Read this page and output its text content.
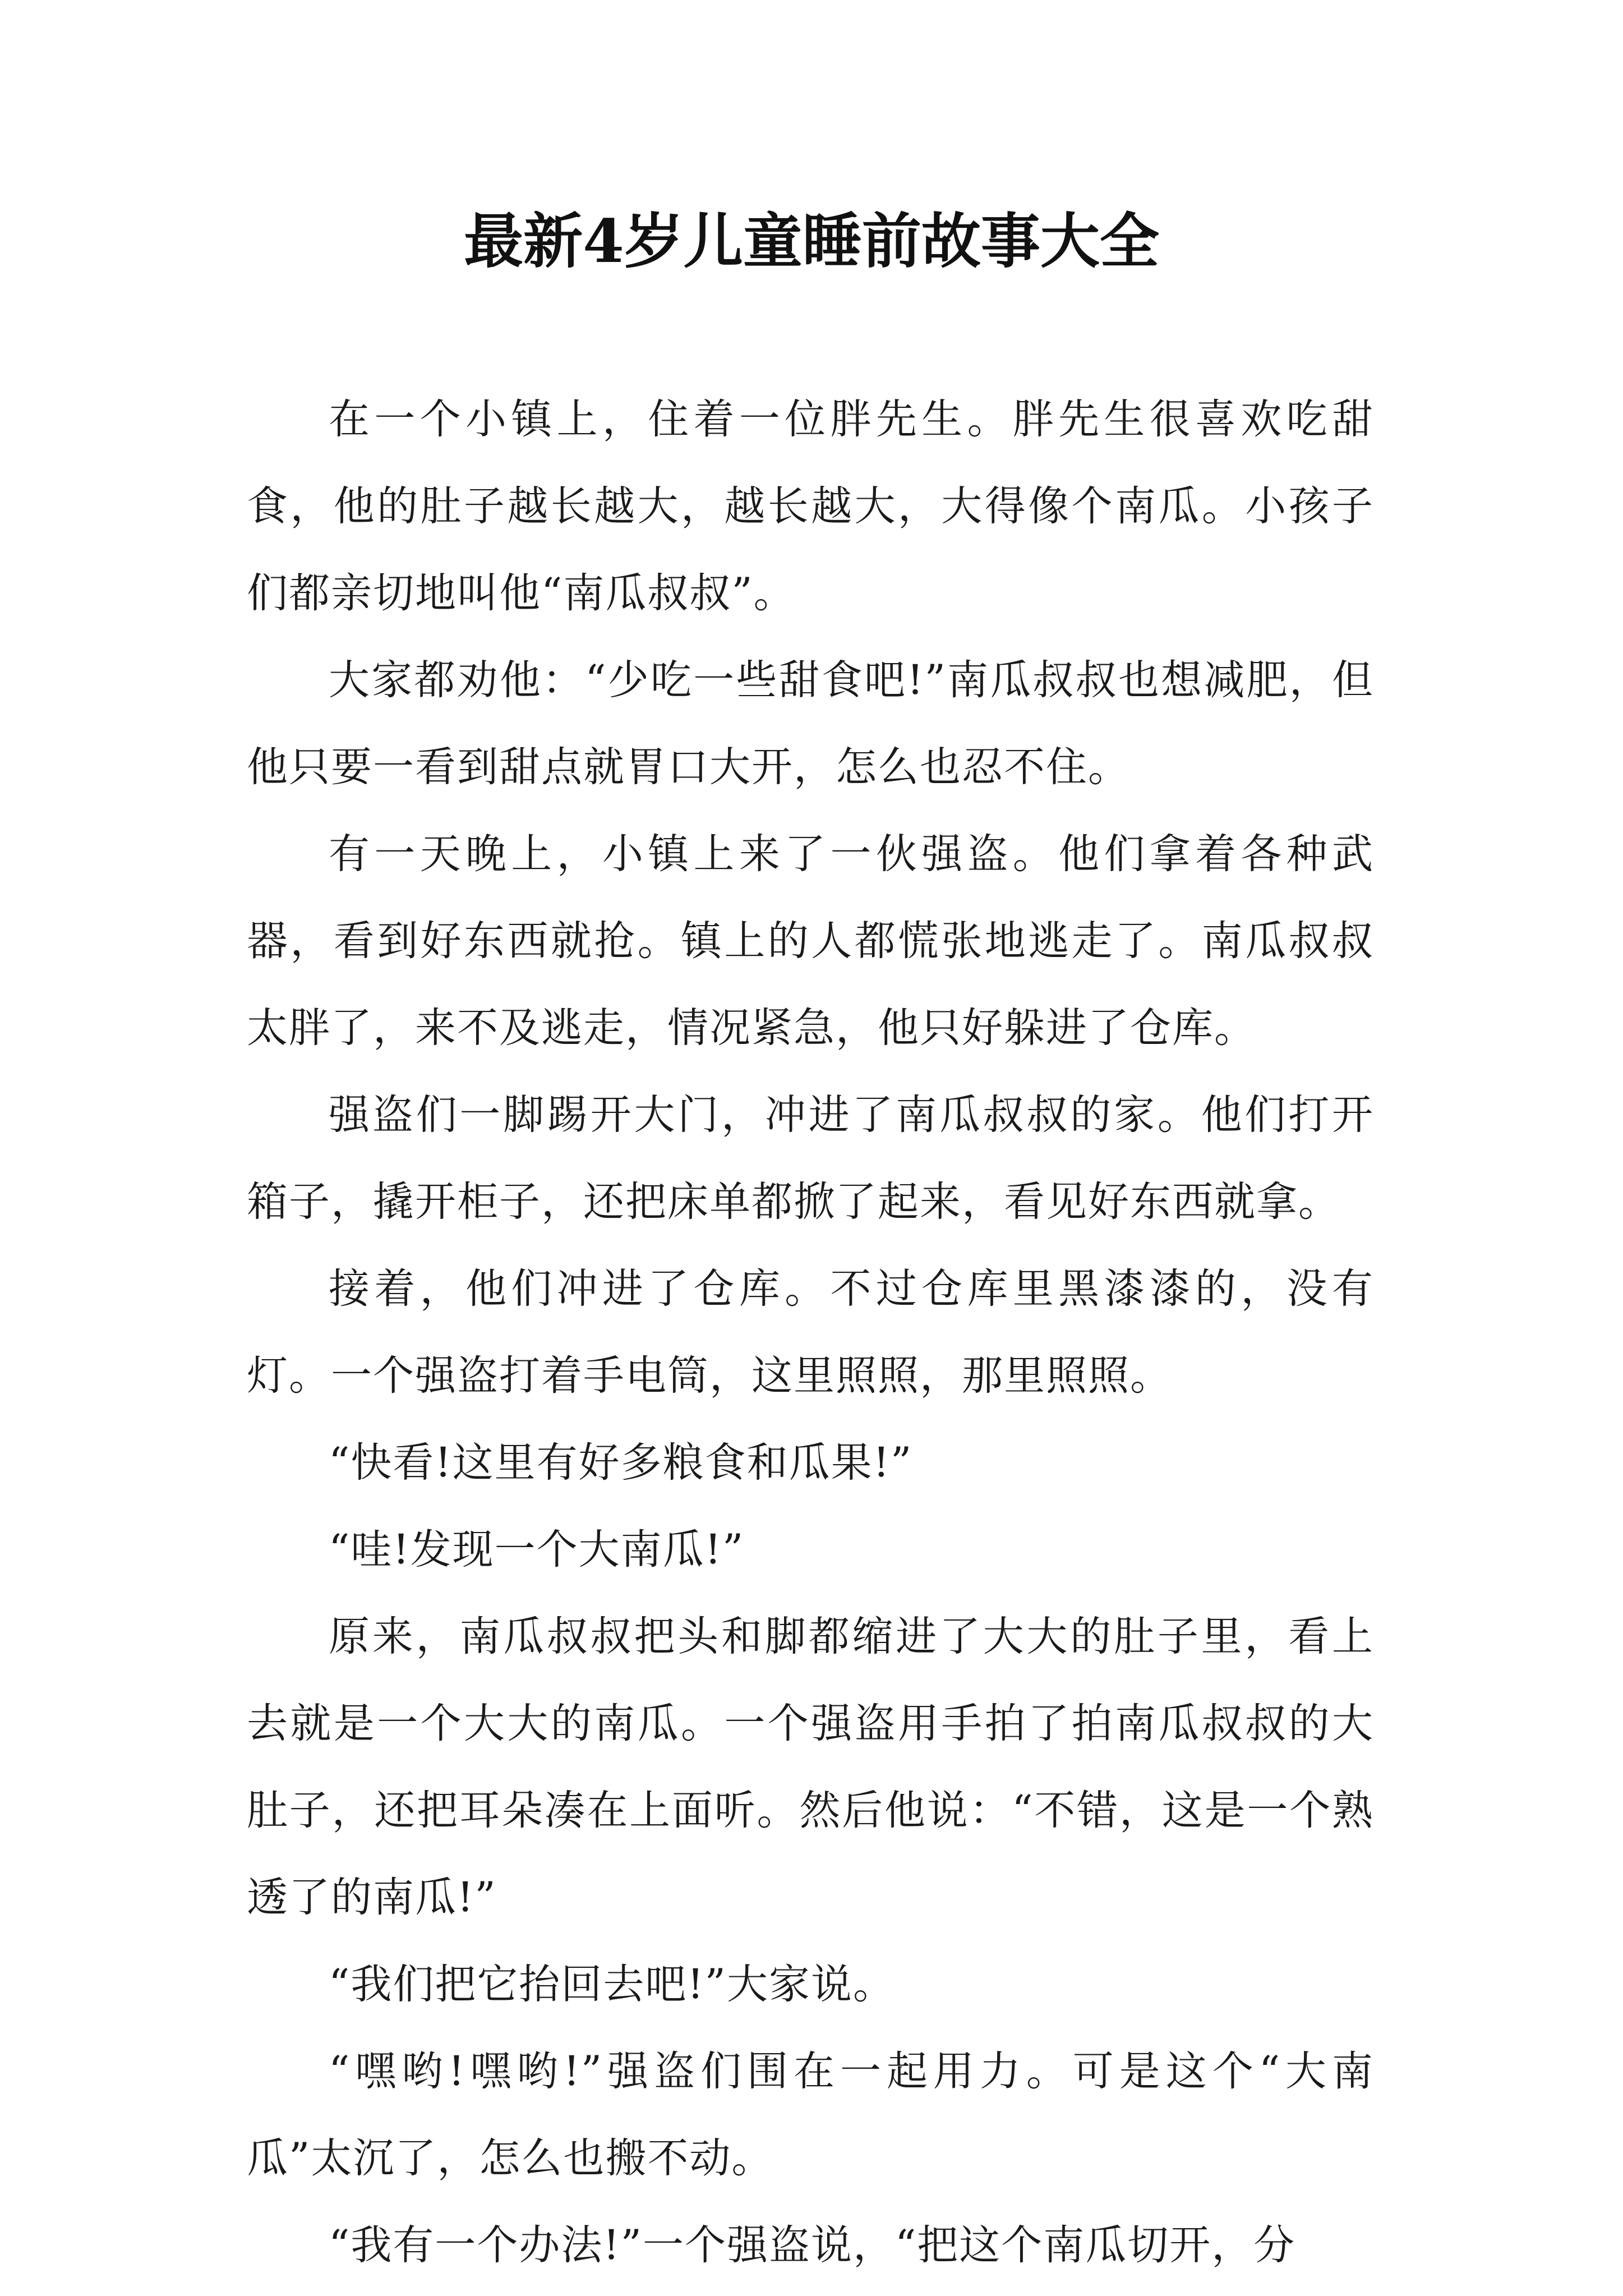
最新4岁儿童睡前故事大全

在一个小镇上，住着一位胖先生。胖先生很喜欢吃甜食，他的肚子越长越大，越长越大，大得像个南瓜。小孩子们都亲切地叫他“南瓜叔叔”。

大家都劝他：“少吃一些甜食吧!”南瓜叔叔也想减肥，但他只要一看到甜点就胃口大开，怎么也忍不住。

有一天晚上，小镇上来了一伙强盗。他们拿着各种武器，看到好东西就抢。镇上的人都慌张地逃走了。南瓜叔叔太胖了，来不及逃走，情况紧急，他只好躲进了仓库。

强盗们一脚踢开大门，冲进了南瓜叔叔的家。他们打开箱子，撬开柜子，还把床单都掀了起来，看见好东西就拿。

接着，他们冲进了仓库。不过仓库里黑漆漆的，没有灯。一个强盗打着手电筒，这里照照，那里照照。

“快看!这里有好多粮食和瓜果!”

“哇!发现一个大南瓜!”

原来，南瓜叔叔把头和脚都缩进了大大的肚子里，看上去就是一个大大的南瓜。一个强盗用手拍了拍南瓜叔叔的大肚子，还把耳朵凑在上面听。然后他说：“不错，这是一个熟透了的南瓜!”

“我们把它抬回去吧!”大家说。

“嘿哟!嘿哟!”强盗们围在一起用力。可是这个“大南瓜”太沉了，怎么也搬不动。

“我有一个办法!”一个强盗说，“把这个南瓜切开，分
